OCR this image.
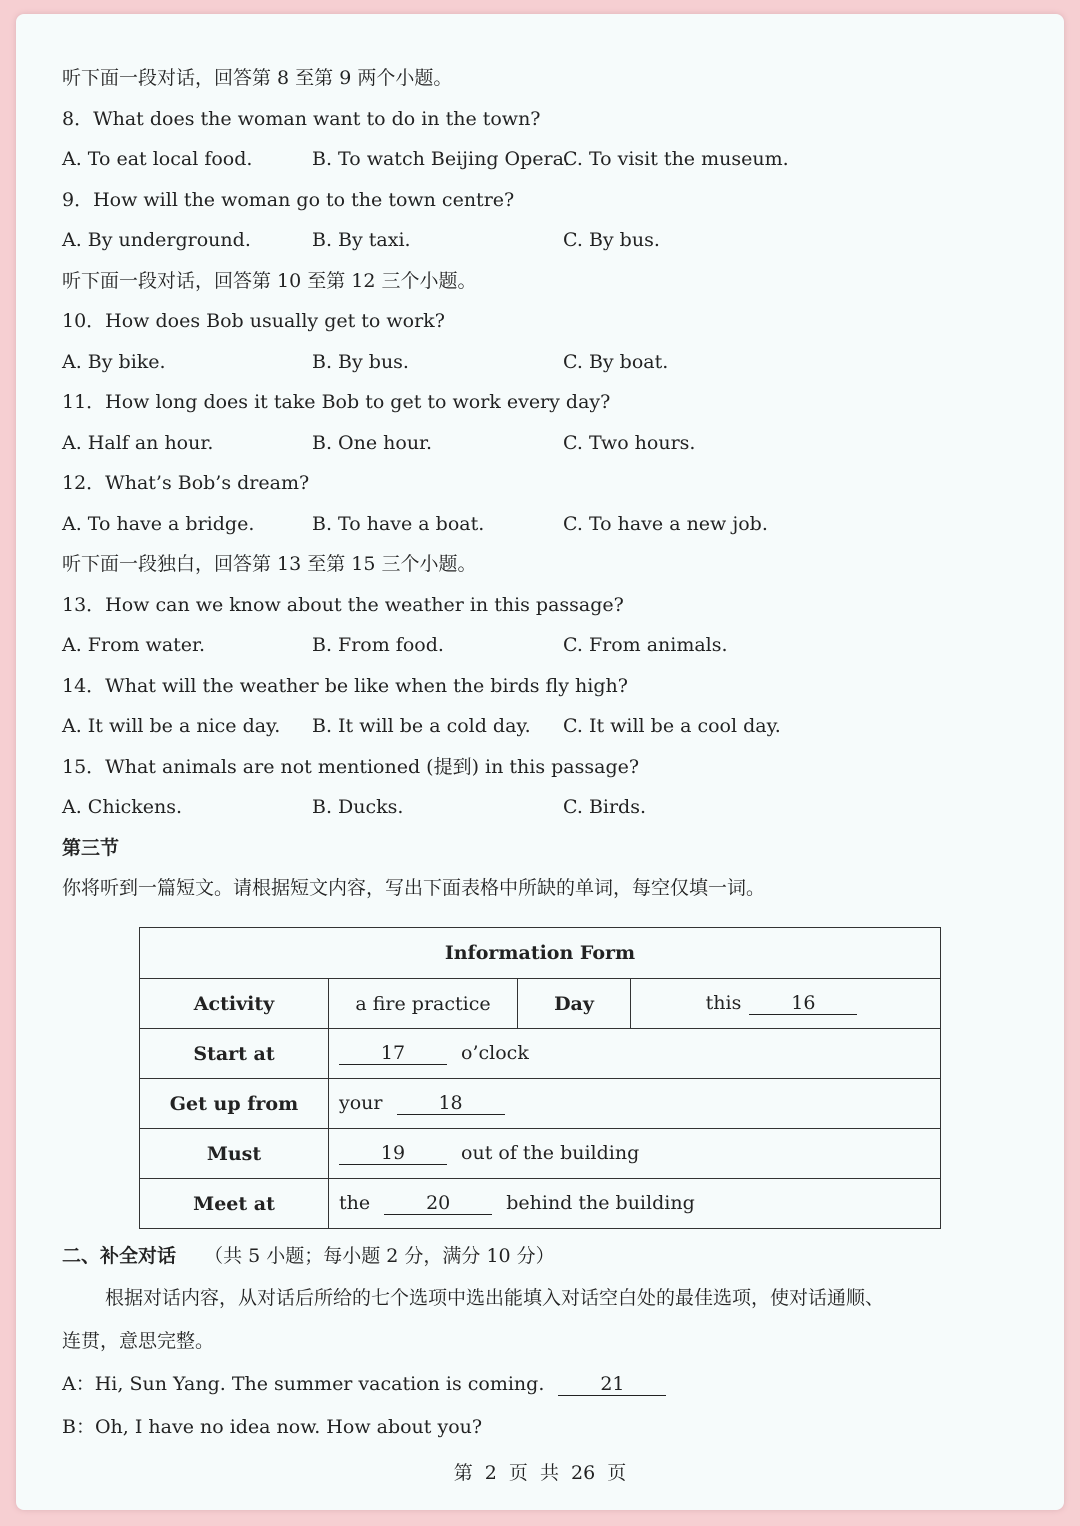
听下面一段对话，回答第 8 至第 9 两个小题。
8．What does the woman want to do in the town?
A. To eat local food.	B. To watch Beijing Opera.
C. To visit the museum.
9．How will the woman go to the town centre?
A. By underground.	B. By taxi.	C. By bus.
听下面一段对话，回答第 10 至第 12 三个小题。
10．How does Bob usually get to work?
A. By bike.	B. By bus.	C. By boat.
11．How long does it take Bob to get to work every day?
A. Half an hour.	B. One hour.	C. Two hours.
12．What’s Bob’s dream?
A. To have a bridge.	B. To have a boat.	C. To have a new job.
听下面一段独白，回答第 13 至第 15 三个小题。
13．How can we know about the weather in this passage?
A. From water.	B. From food.	C. From animals.
14．What will the weather be like when the birds fly high?
A. It will be a nice day. B. It will be a cold day. C. It will be a cool day.
15．What animals are not mentioned (提到) in this passage?
A. Chickens.	B. Ducks.	C. Birds.
第三节
你将听到一篇短文。请根据短文内容，写出下面表格中所缺的单词，每空仅填一词。
Information Form			
Activity	a fire practice	Day	this 16
Start at	17 o’clock		
Get up from	your 18		
Must	19 out of the building		
Meet at	the 20 behind the building		
二、补全对话 （共 5 小题；每小题 2 分，满分 10 分）
根据对话内容，从对话后所给的七个选项中选出能填入对话空白处的最佳选项，使对话通顺、
连贯，意思完整。
A：Hi, Sun Yang. The summer vacation is coming.	21
B：Oh, I have no idea now. How about you?
第 2 页 共 26 页
